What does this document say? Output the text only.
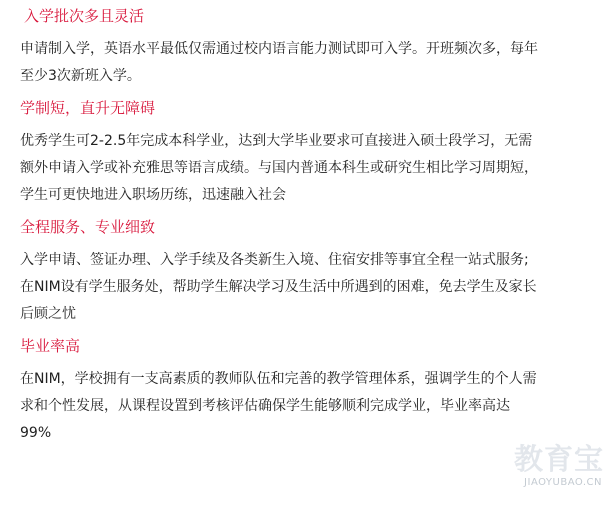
入学批次多且灵活
申请制入学，英语水平最低仅需通过校内语言能力测试即可入学。开班频次多，每年
至少3次新班入学。
学制短，直升无障碍
优秀学生可2-2.5年完成本科学业，达到大学毕业要求可直接进入硕士段学习，无需
额外申请入学或补充雅思等语言成绩。与国内普通本科生或研究生相比学习周期短，
学生可更快地进入职场历练，迅速融入社会
全程服务、专业细致
入学申请、签证办理、入学手续及各类新生入境、住宿安排等事宜全程一站式服务;
在NIM设有学生服务处，帮助学生解决学习及生活中所遇到的困难，免去学生及家长
后顾之忧
毕业率高
在NIM，学校拥有一支高素质的教师队伍和完善的教学管理体系，强调学生的个人需
求和个性发展，从课程设置到考核评估确保学生能够顺利完成学业，毕业率高达
99%
教育宝
JIAOYUBAO.CN
